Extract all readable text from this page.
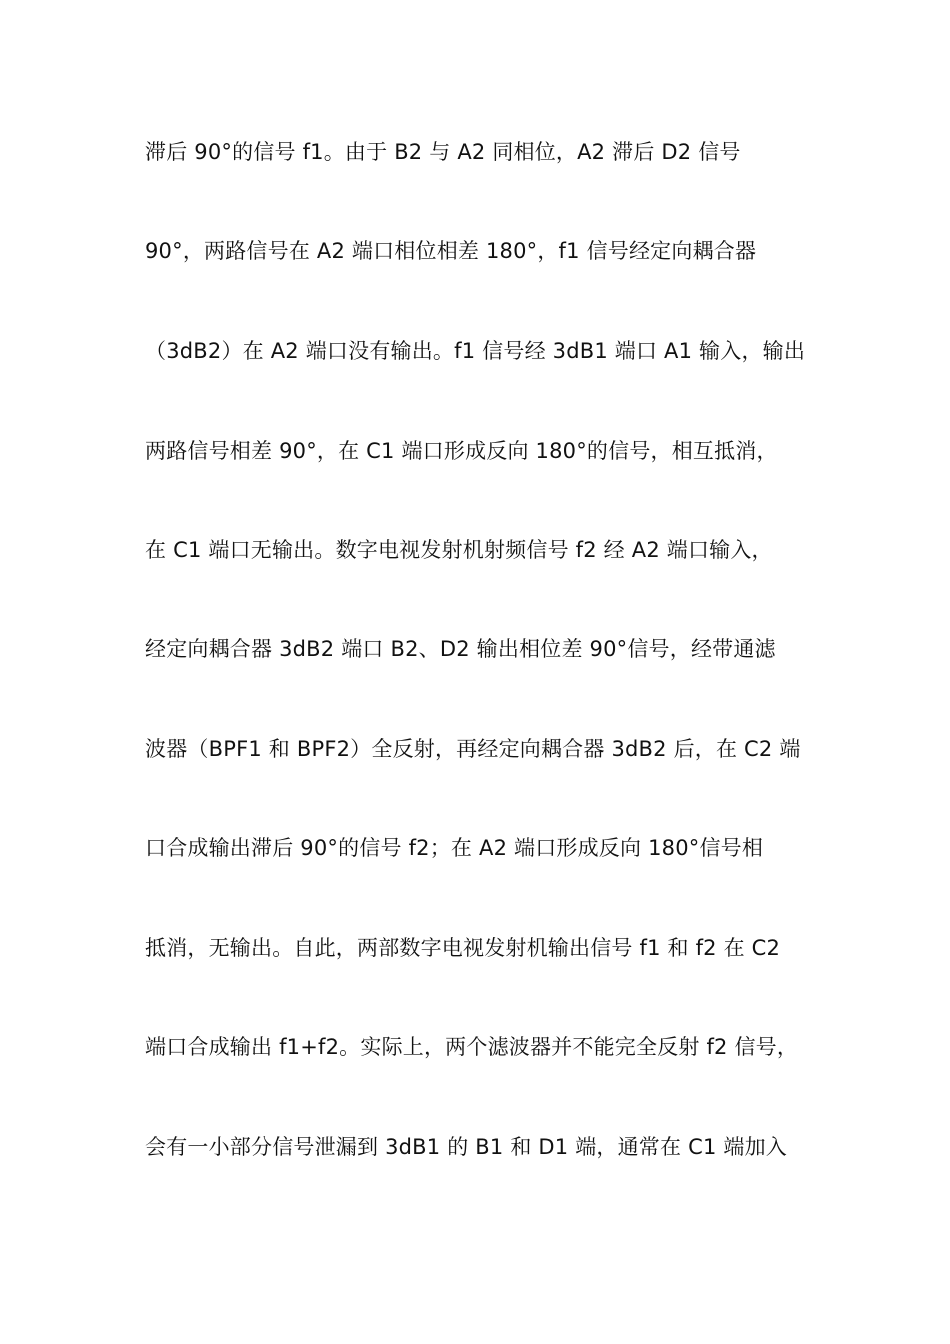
滞后 90°的信号 f1。由于 B2 与 A2 同相位，A2 滞后 D2 信号
90°，两路信号在 A2 端口相位相差 180°，f1 信号经定向耦合器
（3dB2）在 A2 端口没有输出。f1 信号经 3dB1 端口 A1 输入，输出
两路信号相差 90°，在 C1 端口形成反向 180°的信号，相互抵消，
在 C1 端口无输出。数字电视发射机射频信号 f2 经 A2 端口输入，
经定向耦合器 3dB2 端口 B2、D2 输出相位差 90°信号，经带通滤
波器（BPF1 和 BPF2）全反射，再经定向耦合器 3dB2 后，在 C2 端
口合成输出滞后 90°的信号 f2；在 A2 端口形成反向 180°信号相
抵消，无输出。自此，两部数字电视发射机输出信号 f1 和 f2 在 C2
端口合成输出 f1+f2。实际上，两个滤波器并不能完全反射 f2 信号，
会有一小部分信号泄漏到 3dB1 的 B1 和 D1 端，通常在 C1 端加入
